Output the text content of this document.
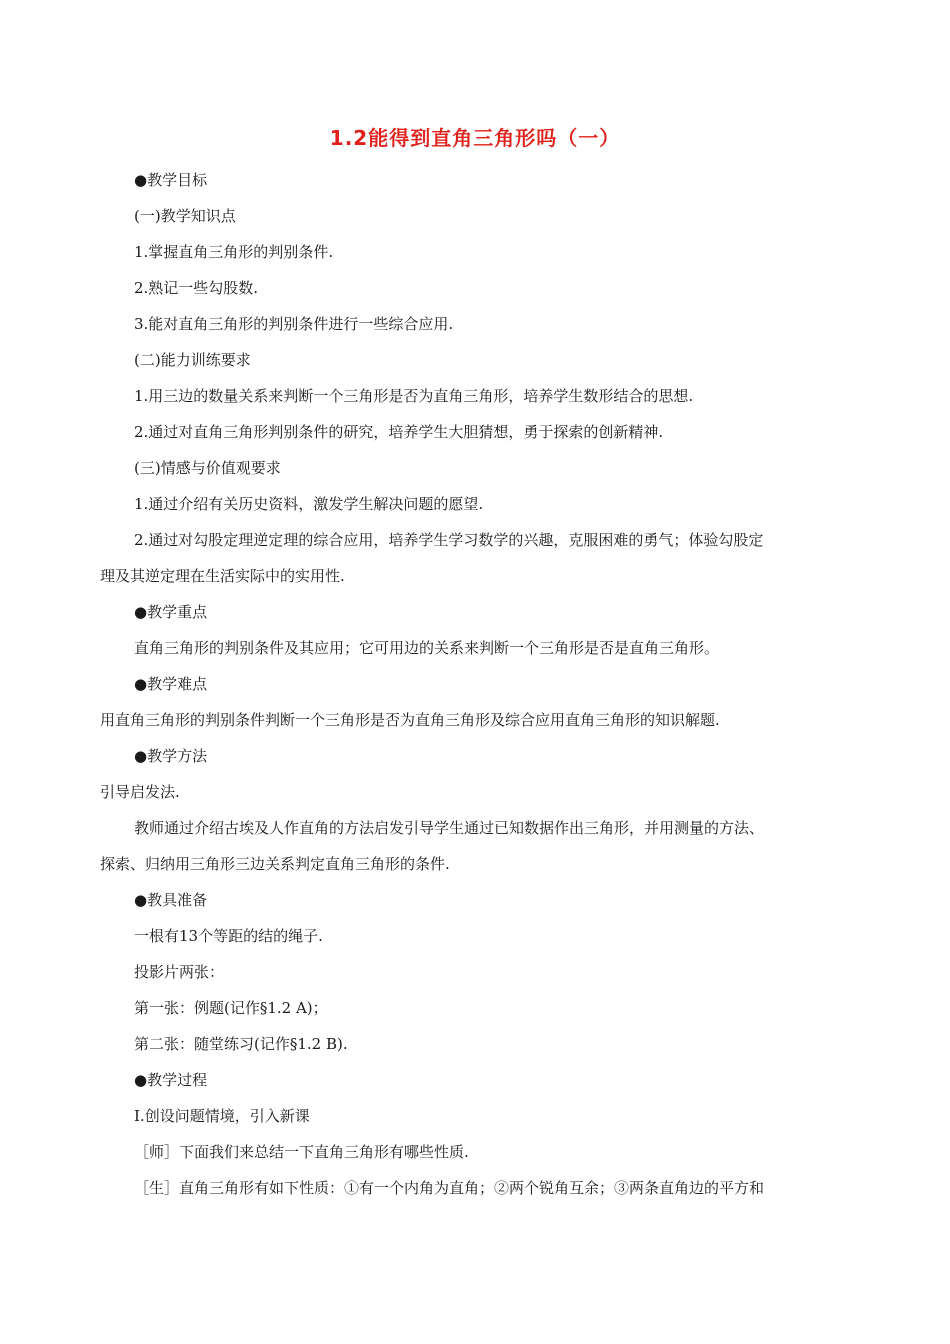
1.2能得到直角三角形吗（一）
●教学目标
(一)教学知识点
1.掌握直角三角形的判别条件.
2.熟记一些勾股数.
3.能对直角三角形的判别条件进行一些综合应用.
(二)能力训练要求
1.用三边的数量关系来判断一个三角形是否为直角三角形，培养学生数形结合的思想.
2.通过对直角三角形判别条件的研究，培养学生大胆猜想，勇于探索的创新精神.
(三)情感与价值观要求
1.通过介绍有关历史资料，激发学生解决问题的愿望.
2.通过对勾股定理逆定理的综合应用，培养学生学习数学的兴趣，克服困难的勇气；体验勾股定
理及其逆定理在生活实际中的实用性.
●教学重点
直角三角形的判别条件及其应用；它可用边的关系来判断一个三角形是否是直角三角形。
●教学难点
用直角三角形的判别条件判断一个三角形是否为直角三角形及综合应用直角三角形的知识解题.
●教学方法
引导启发法.
教师通过介绍古埃及人作直角的方法启发引导学生通过已知数据作出三角形，并用测量的方法、
探索、归纳用三角形三边关系判定直角三角形的条件.
●教具准备
一根有13个等距的结的绳子.
投影片两张：
第一张：例题(记作§1.2 A)；
第二张：随堂练习(记作§1.2 B).
●教学过程
Ⅰ.创设问题情境，引入新课
［师］下面我们来总结一下直角三角形有哪些性质.
［生］直角三角形有如下性质：①有一个内角为直角；②两个锐角互余；③两条直角边的平方和
